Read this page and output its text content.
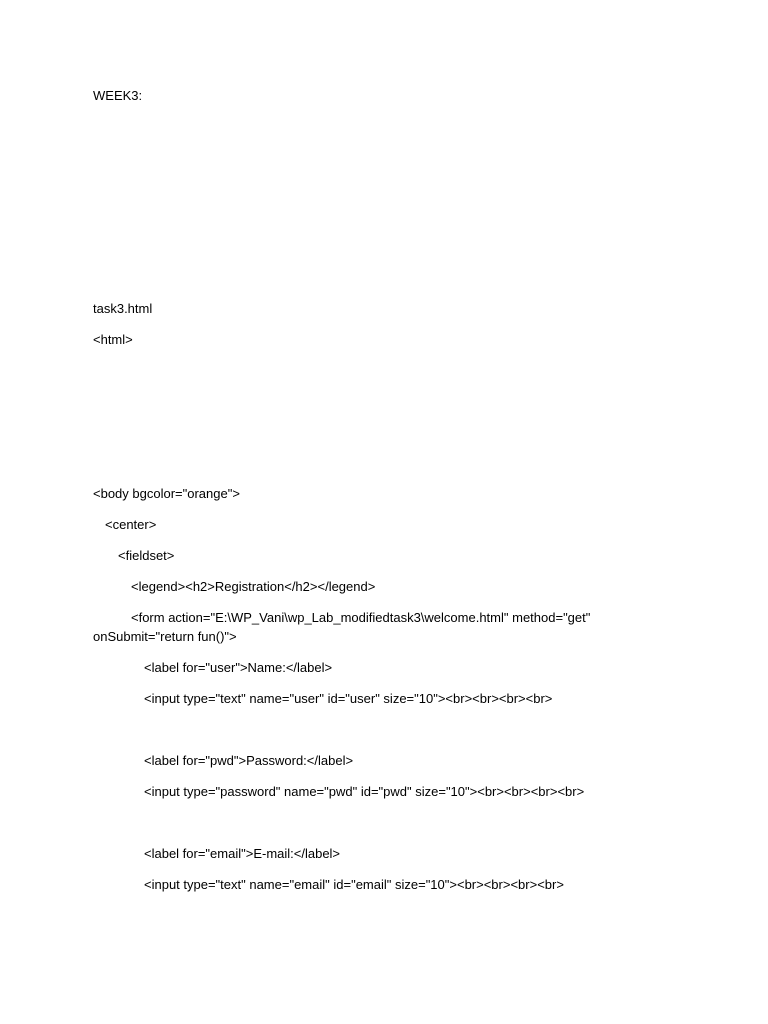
WEEK3:
task3.html
<html>
<body bgcolor="orange">
<center>
<fieldset>
<legend><h2>Registration</h2></legend>
<form action="E:\WP_Vani\wp_Lab_modifiedtask3\welcome.html" method="get"
onSubmit="return fun()">
<label for="user">Name:</label>
<input type="text" name="user" id="user" size="10"><br><br><br><br>
<label for="pwd">Password:</label>
<input type="password" name="pwd" id="pwd" size="10"><br><br><br><br>
<label for="email">E-mail:</label>
<input type="text" name="email" id="email" size="10"><br><br><br><br>
